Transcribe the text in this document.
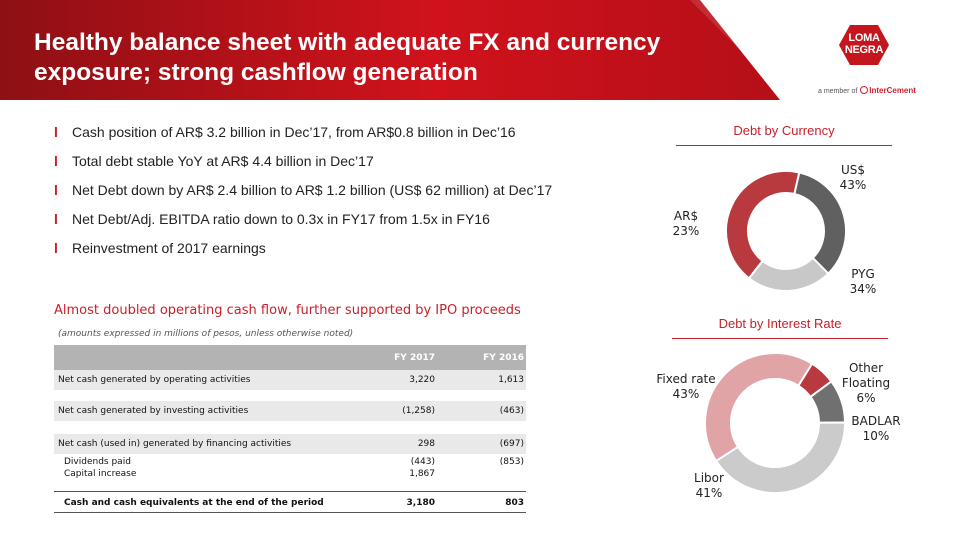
Healthy balance sheet with adequate FX and currency exposure; strong cashflow generation
LOMA
NEGRA
a member of InterCement
l Cash position of AR$ 3.2 billion in Dec’17, from AR$0.8 billion in Dec’16
l Total debt stable YoY at AR$ 4.4 billion in Dec’17
l Net Debt down by AR$ 2.4 billion to AR$ 1.2 billion (US$ 62 million) at Dec’17
l Net Debt/Adj. EBITDA ratio down to 0.3x in FY17 from 1.5x in FY16
l Reinvestment of 2017 earnings
Almost doubled operating cash flow, further supported by IPO proceeds
(amounts expressed in millions of pesos, unless otherwise noted)
FY 2017	FY 2016
Net cash generated by operating activities	3,220	1,613
Net cash generated by investing activities	(1,258)	(463)
Net cash (used in) generated by financing activities	298	(697)
Dividends paid	(443)	(853)
Capital increase	1,867
Cash and cash equivalents at the end of the period	3,180	803
Debt by Currency
Debt by Interest Rate
US$
43%
PYG
34%
AR$
23%
Other
Floating
6%
BADLAR
10%
Libor
41%
Fixed rate
43%
